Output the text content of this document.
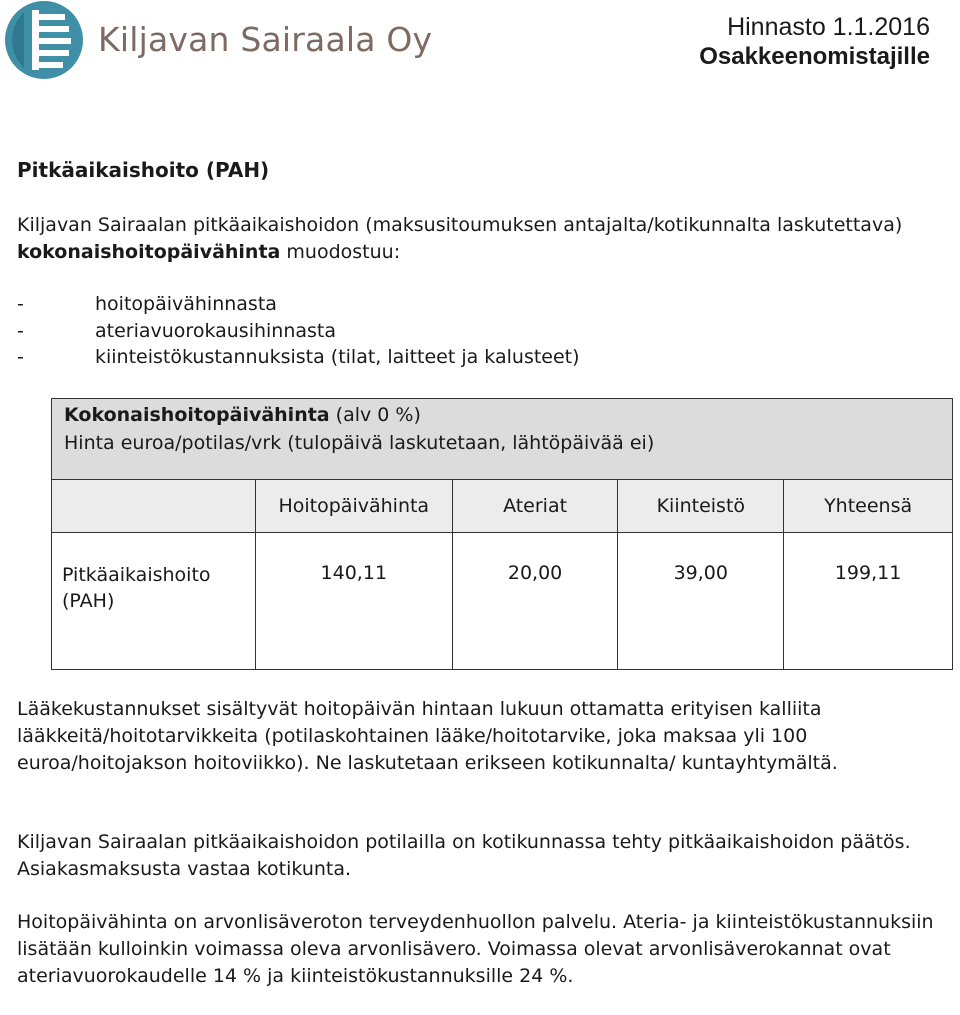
Kiljavan Sairaala Oy	Hinnasto 1.1.2016
Osakkeenomistajille
Pitkäaikaishoito (PAH)

Kiljavan Sairaalan pitkäaikaishoidon (maksusitoumuksen antajalta/kotikunnalta laskutettava) kokonaishoitopäivähinta muodostuu:

-	hoitopäivähinnasta
-	ateriavuorokausihinnasta
-	kiinteistökustannuksista (tilat, laitteet ja kalusteet)
Kokonaishoitopäivähinta (alv 0 %)
Hinta euroa/potilas/vrk (tulopäivä laskutetaan, lähtöpäivää ei)				

	Hoitopäivähinta	Ateriat	Kiinteistö	Yhteensä
Pitkäaikaishoito (PAH)	140,11	20,00	39,00	199,11

Lääkekustannukset sisältyvät hoitopäivän hintaan lukuun ottamatta erityisen kalliita lääkkeitä/hoitotarvikkeita (potilaskohtainen lääke/hoitotarvike, joka maksaa yli 100 euroa/hoitojakson hoitoviikko). Ne laskutetaan erikseen kotikunnalta/ kuntayhtymältä.

Kiljavan Sairaalan pitkäaikaishoidon potilailla on kotikunnassa tehty pitkäaikaishoidon päätös. Asiakasmaksusta vastaa kotikunta.

Hoitopäivähinta on arvonlisäveroton terveydenhuollon palvelu. Ateria- ja kiinteistökustannuksiin lisätään kulloinkin voimassa oleva arvonlisävero. Voimassa olevat arvonlisäverokannat ovat ateriavuorokaudelle 14 % ja kiinteistökustannuksille 24 %.
